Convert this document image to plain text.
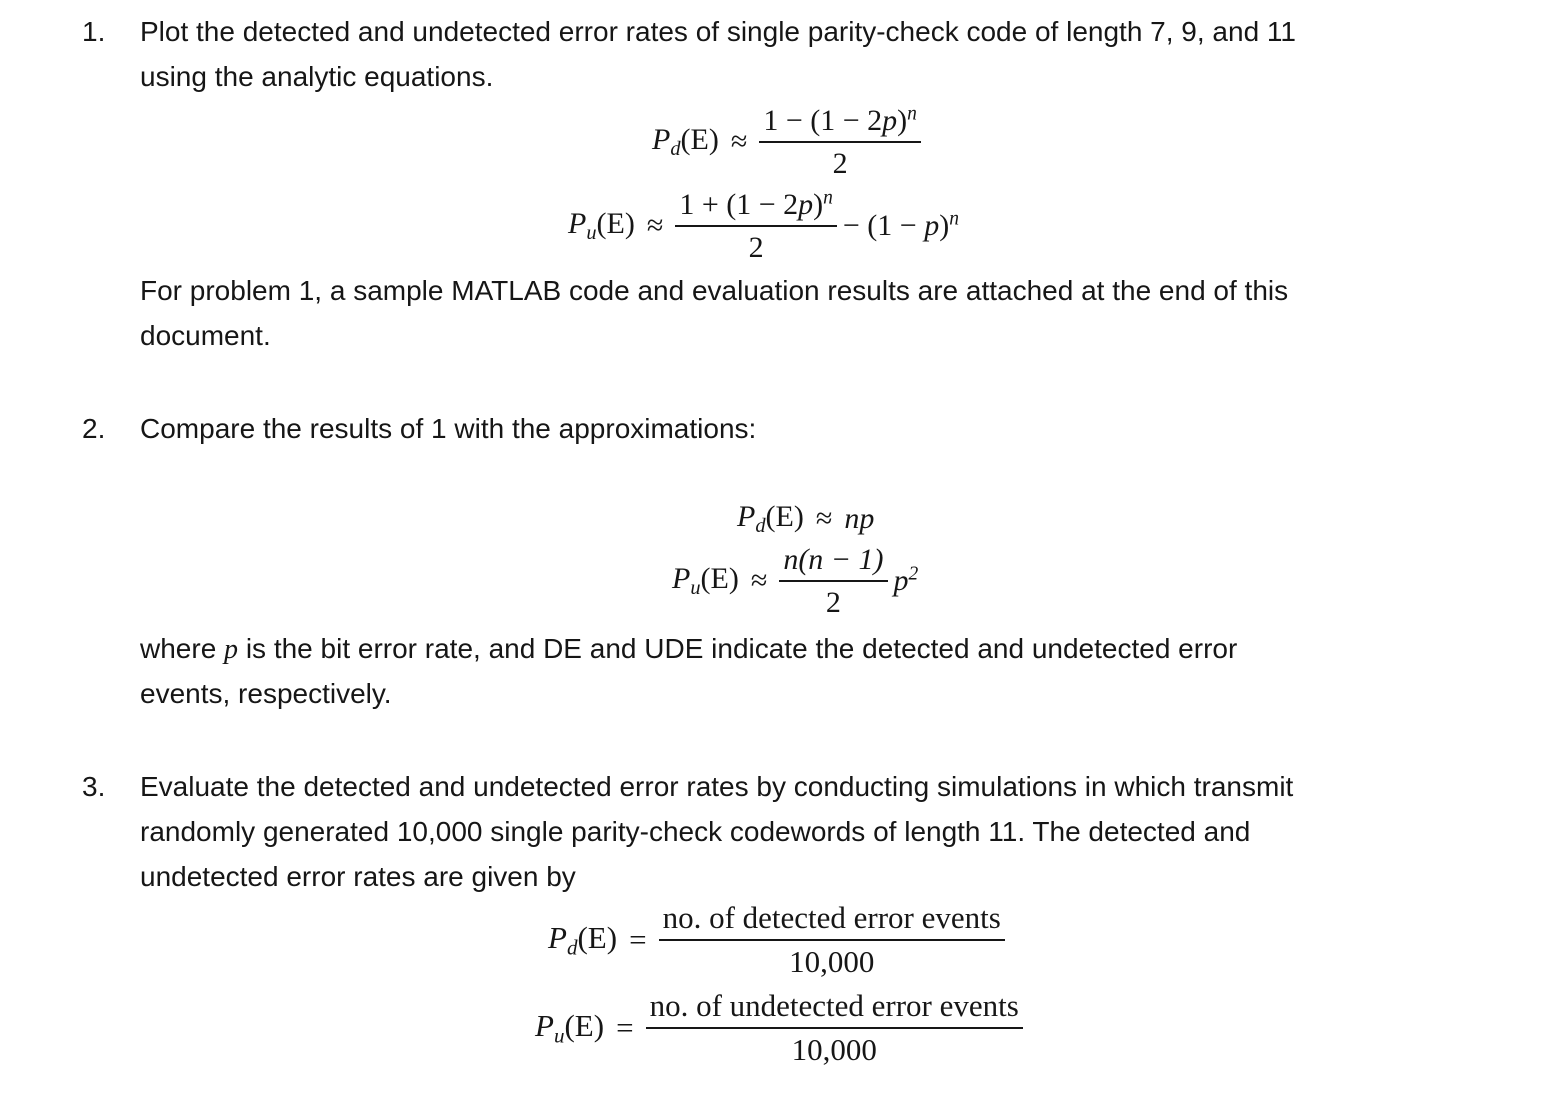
1. Plot the detected and undetected error rates of single parity-check code of length 7, 9, and 11
using the analytic equations.
$P_d(E) \approx \frac{1 - (1 - 2p)^n}{2}$
$P_u(E) \approx \frac{1 + (1 - 2p)^n}{2} - (1 - p)^n$
For problem 1, a sample MATLAB code and evaluation results are attached at the end of this
document.
2. Compare the results of 1 with the approximations:
$P_d(E)$ ≈ np
$P_u(E) \approx \frac{n(n - 1)}{2} p^2$
where p is the bit error rate, and DE and UDE indicate the detected and undetected error
events, respectively.
3. Evaluate the detected and undetected error rates by conducting simulations in which transmit
randomly generated 10,000 single parity-check codewords of length 11. The detected and
undetected error rates are given by
$P_d(E) = \frac{\text{no. of detected error events}}{10,000}$
$P_u(E) = \frac{\text{no. of undetected error events}}{10,000}$
